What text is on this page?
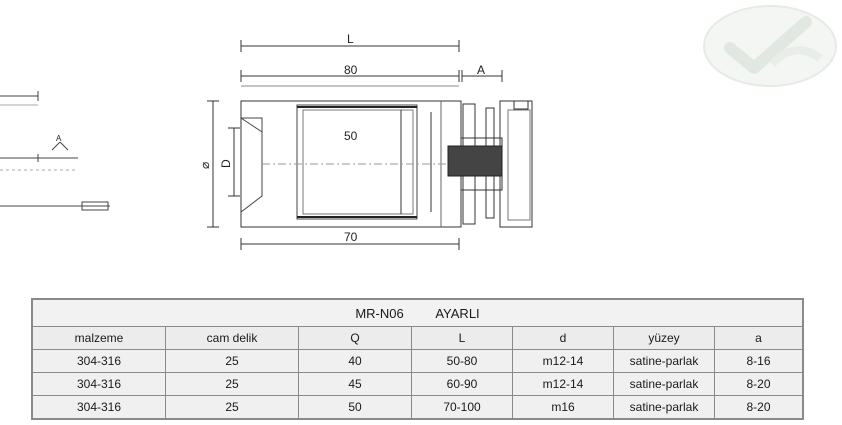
L
80	A
50
70
⌀ D
A
MR-N06 AYARLI						
malzeme	cam delik	Q	L	d	yüzey	a
304-316	25	40	50-80	m12-14	satine-parlak	8-16
304-316	25	45	60-90	m12-14	satine-parlak	8-20
304-316	25	50	70-100	m16	satine-parlak	8-20
